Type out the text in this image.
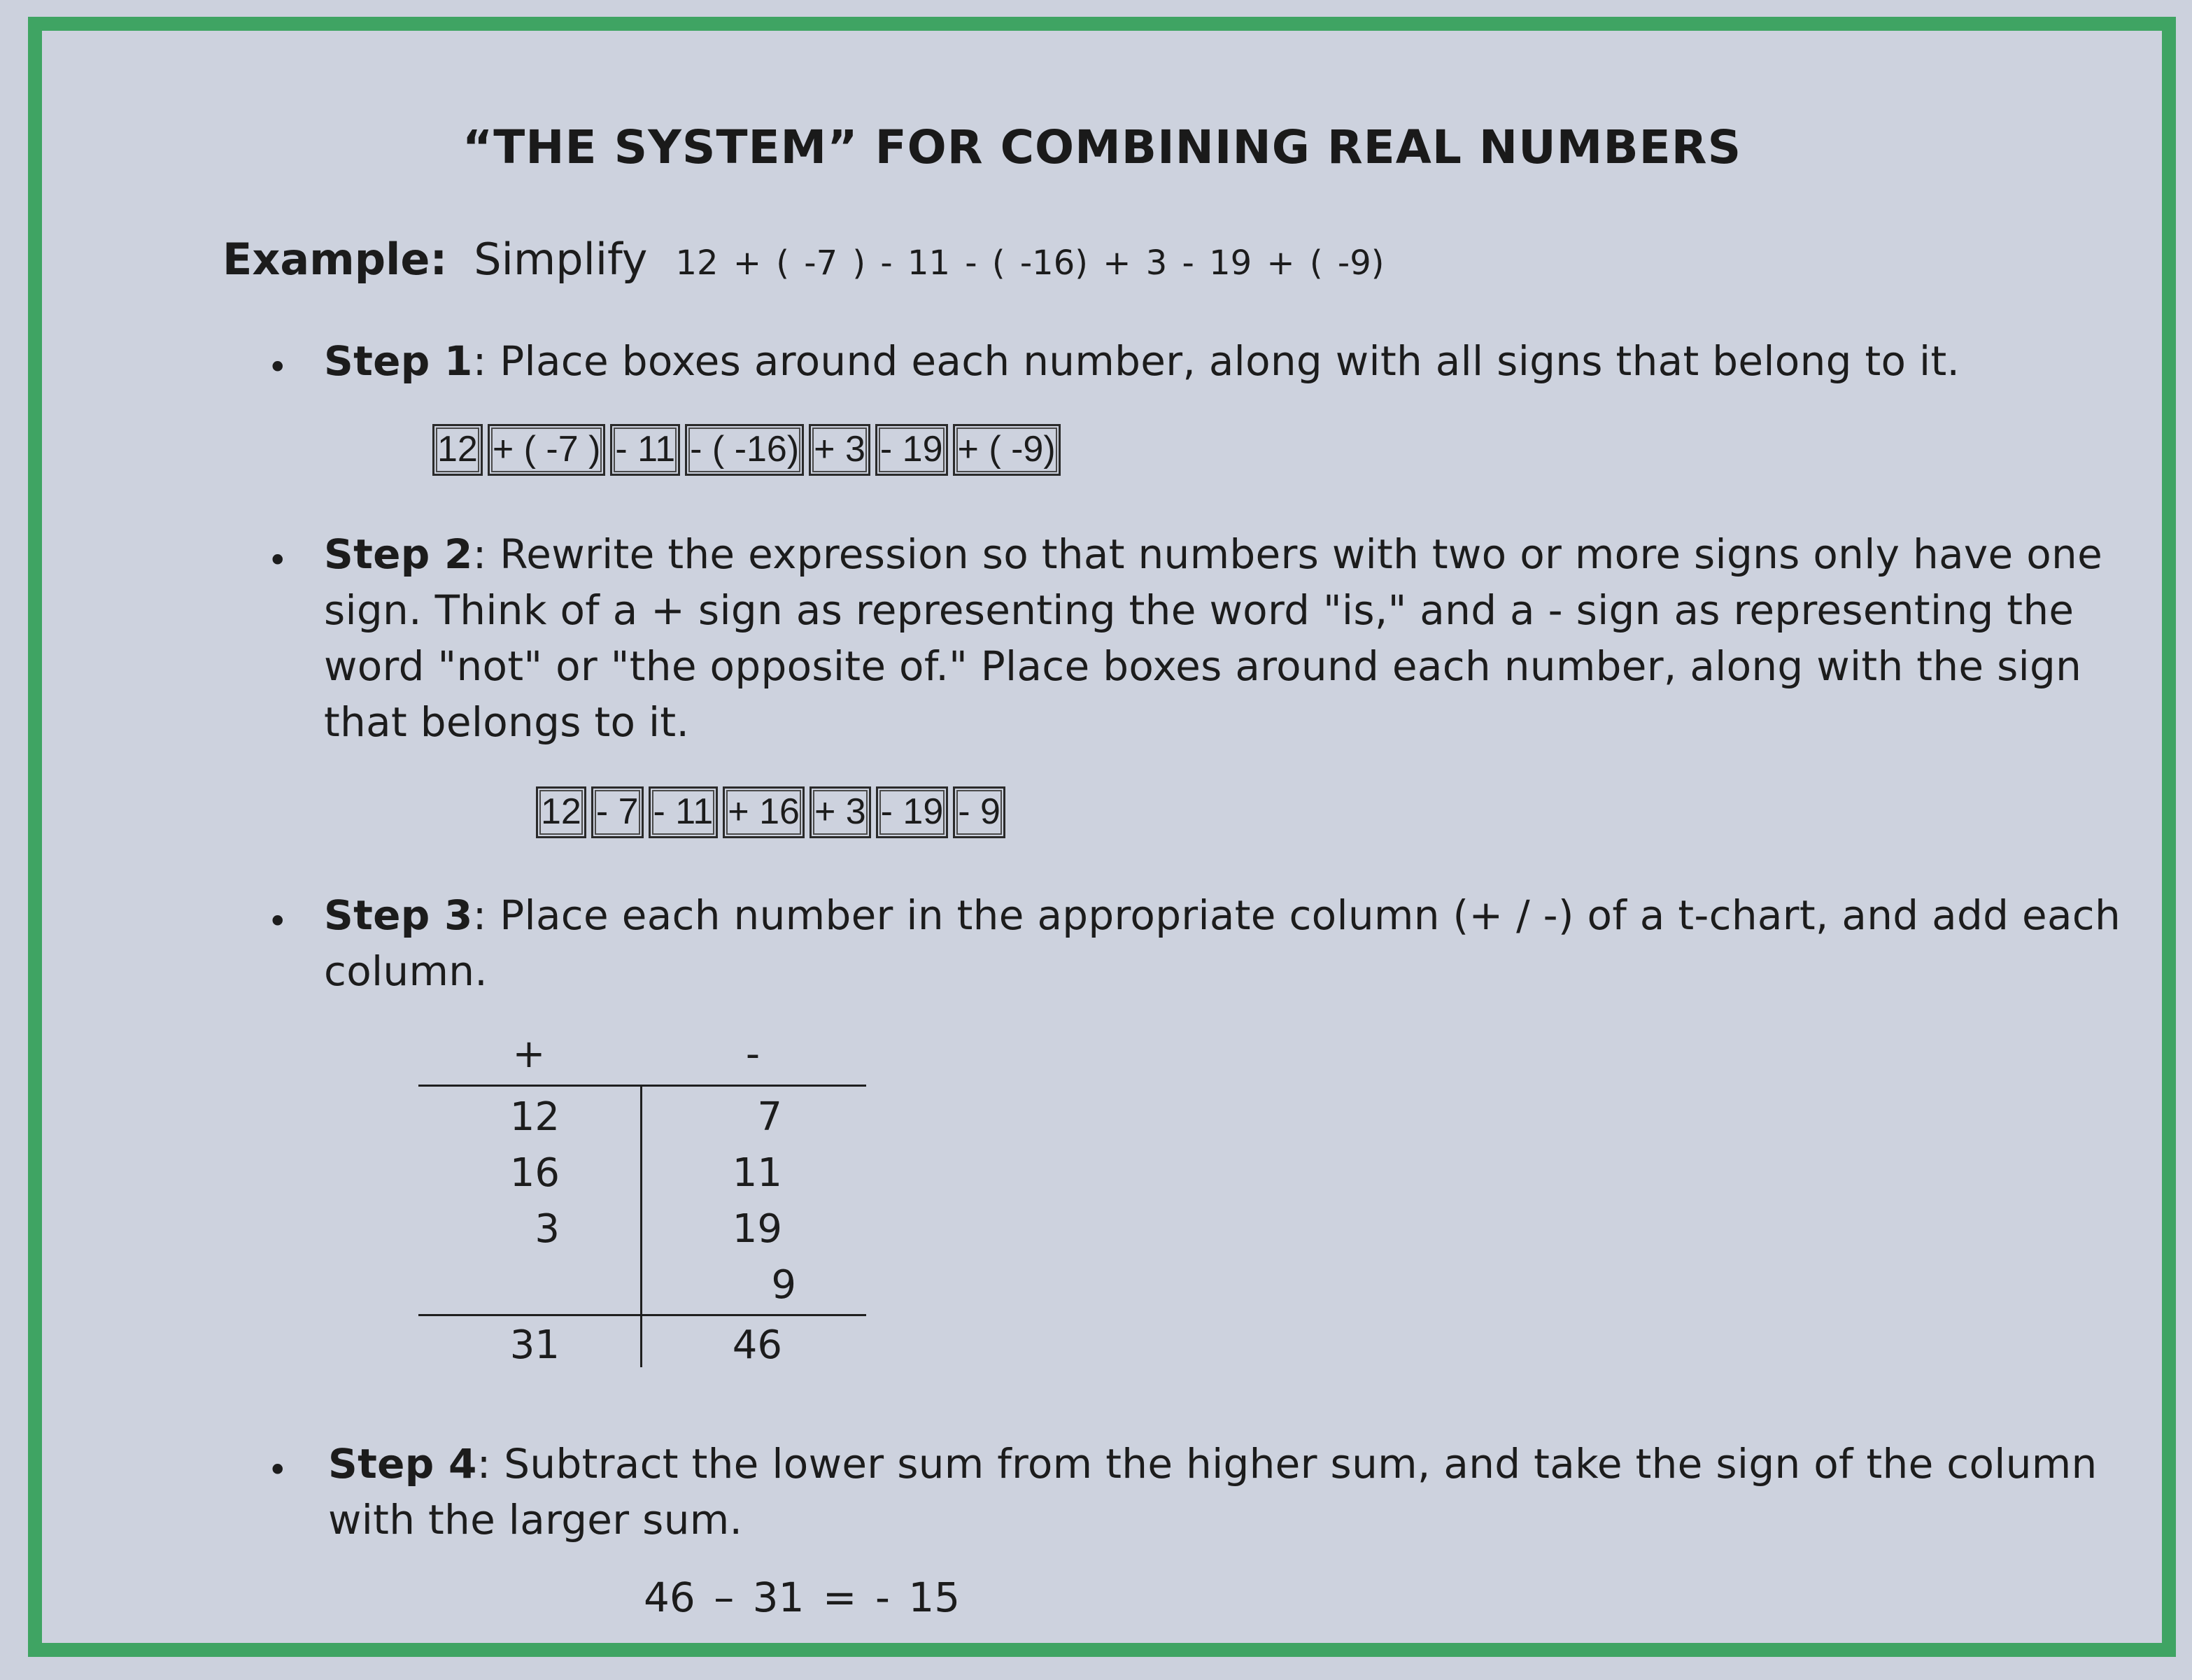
“THE SYSTEM” FOR COMBINING REAL NUMBERS
Example: Simplify 12 + ( -7 ) - 11 - ( -16) + 3 - 19 + ( -9)
• Step 1: Place boxes around each number, along with all signs that belong to it.
12 + ( -7 ) - 11 - ( -16) + 3 - 19 + ( -9)
• Step 2: Rewrite the expression so that numbers with two or more signs only have one sign. Think of a + sign as representing the word "is," and a - sign as representing the word "not" or "the opposite of." Place boxes around each number, along with the sign that belongs to it.
12 - 7 - 11 + 16 + 3 - 19 - 9
• Step 3: Place each number in the appropriate column (+ / -) of a t-chart, and add each column.
+	-
12
16
3
7
11
19
9
31	46
• Step 4: Subtract the lower sum from the higher sum, and take the sign of the column with the larger sum.
46 – 31 = - 15
